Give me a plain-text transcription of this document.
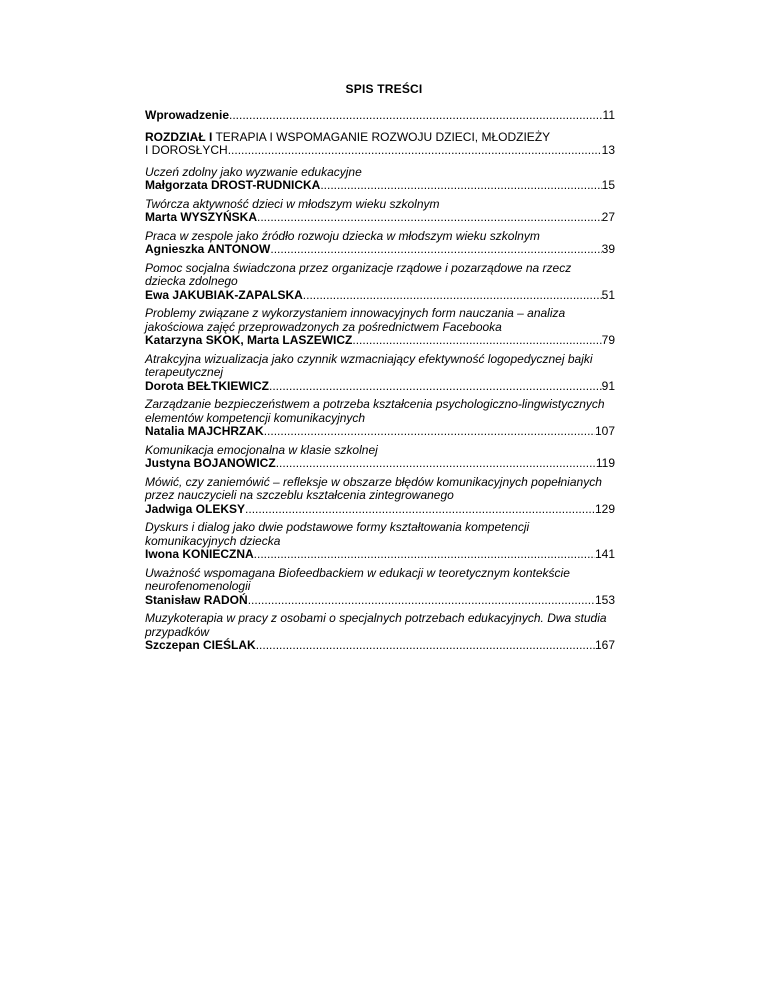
SPIS TREŚCI
Wprowadzenie .....	11
ROZDZIAŁ I TERAPIA I WSPOMAGANIE ROZWOJU DZIECI, MŁODZIEŻY
I DOROSŁYCH .....	13
Uczeń zdolny jako wyzwanie edukacyjne
Małgorzata DROST-RUDNICKA .....	15
Twórcza aktywność dzieci w młodszym wieku szkolnym
Marta WYSZYŃSKA .....	27
Praca w zespole jako źródło rozwoju dziecka w młodszym wieku szkolnym
Agnieszka ANTONOW .....	39
Pomoc socjalna świadczona przez organizacje rządowe i pozarządowe na rzecz dziecka zdolnego
Ewa JAKUBIAK-ZAPALSKA .....	51
Problemy związane z wykorzystaniem innowacyjnych form nauczania – analiza jakościowa zajęć przeprowadzonych za pośrednictwem Facebooka
Katarzyna SKOK, Marta LASZEWICZ .....	79
Atrakcyjna wizualizacja jako czynnik wzmacniający efektywność logopedycznej bajki terapeutycznej
Dorota BEŁTKIEWICZ .....	91
Zarządzanie bezpieczeństwem a potrzeba kształcenia psychologiczno-lingwistycznych elementów kompetencji komunikacyjnych
Natalia MAJCHRZAK .....	107
Komunikacja emocjonalna w klasie szkolnej
Justyna BOJANOWICZ .....	119
Mówić, czy zaniemówić – refleksje w obszarze błędów komunikacyjnych popełnianych przez nauczycieli na szczeblu kształcenia zintegrowanego
Jadwiga OLEKSY .....	129
Dyskurs i dialog jako dwie podstawowe formy kształtowania kompetencji komunikacyjnych dziecka
Iwona KONIECZNA .....	141
Uważność wspomagana Biofeedbackiem w edukacji w teoretycznym kontekście neurofenomenologii
Stanisław RADOŃ .....	153
Muzykoterapia w pracy z osobami o specjalnych potrzebach edukacyjnych. Dwa studia przypadków
Szczepan CIEŚLAK .....	167
